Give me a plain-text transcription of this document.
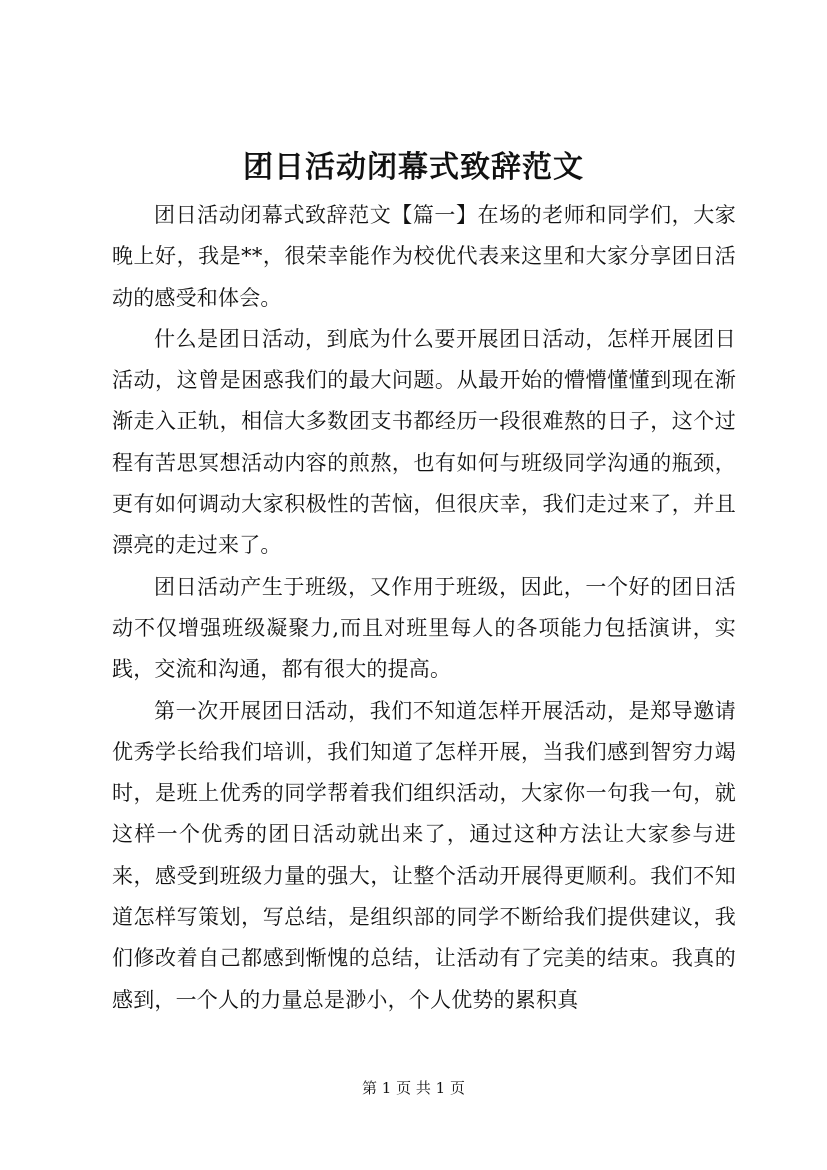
团日活动闭幕式致辞范文

团日活动闭幕式致辞范文【篇一】在场的老师和同学们，大家晚上好，我是**，很荣幸能作为校优代表来这里和大家分享团日活动的感受和体会。

什么是团日活动，到底为什么要开展团日活动，怎样开展团日活动，这曾是困惑我们的最大问题。从最开始的懵懵懂懂到现在渐渐走入正轨，相信大多数团支书都经历一段很难熬的日子，这个过程有苦思冥想活动内容的煎熬，也有如何与班级同学沟通的瓶颈，更有如何调动大家积极性的苦恼，但很庆幸，我们走过来了，并且漂亮的走过来了。

团日活动产生于班级，又作用于班级，因此，一个好的团日活动不仅增强班级凝聚力,而且对班里每人的各项能力包括演讲，实践，交流和沟通，都有很大的提高。

第一次开展团日活动，我们不知道怎样开展活动，是郑导邀请优秀学长给我们培训，我们知道了怎样开展，当我们感到智穷力竭时，是班上优秀的同学帮着我们组织活动，大家你一句我一句，就这样一个优秀的团日活动就出来了，通过这种方法让大家参与进来，感受到班级力量的强大，让整个活动开展得更顺利。我们不知道怎样写策划，写总结，是组织部的同学不断给我们提供建议，我们修改着自己都感到惭愧的总结，让活动有了完美的结束。我真的感到，一个人的力量总是渺小，个人优势的累积真

第 1 页 共 1 页
